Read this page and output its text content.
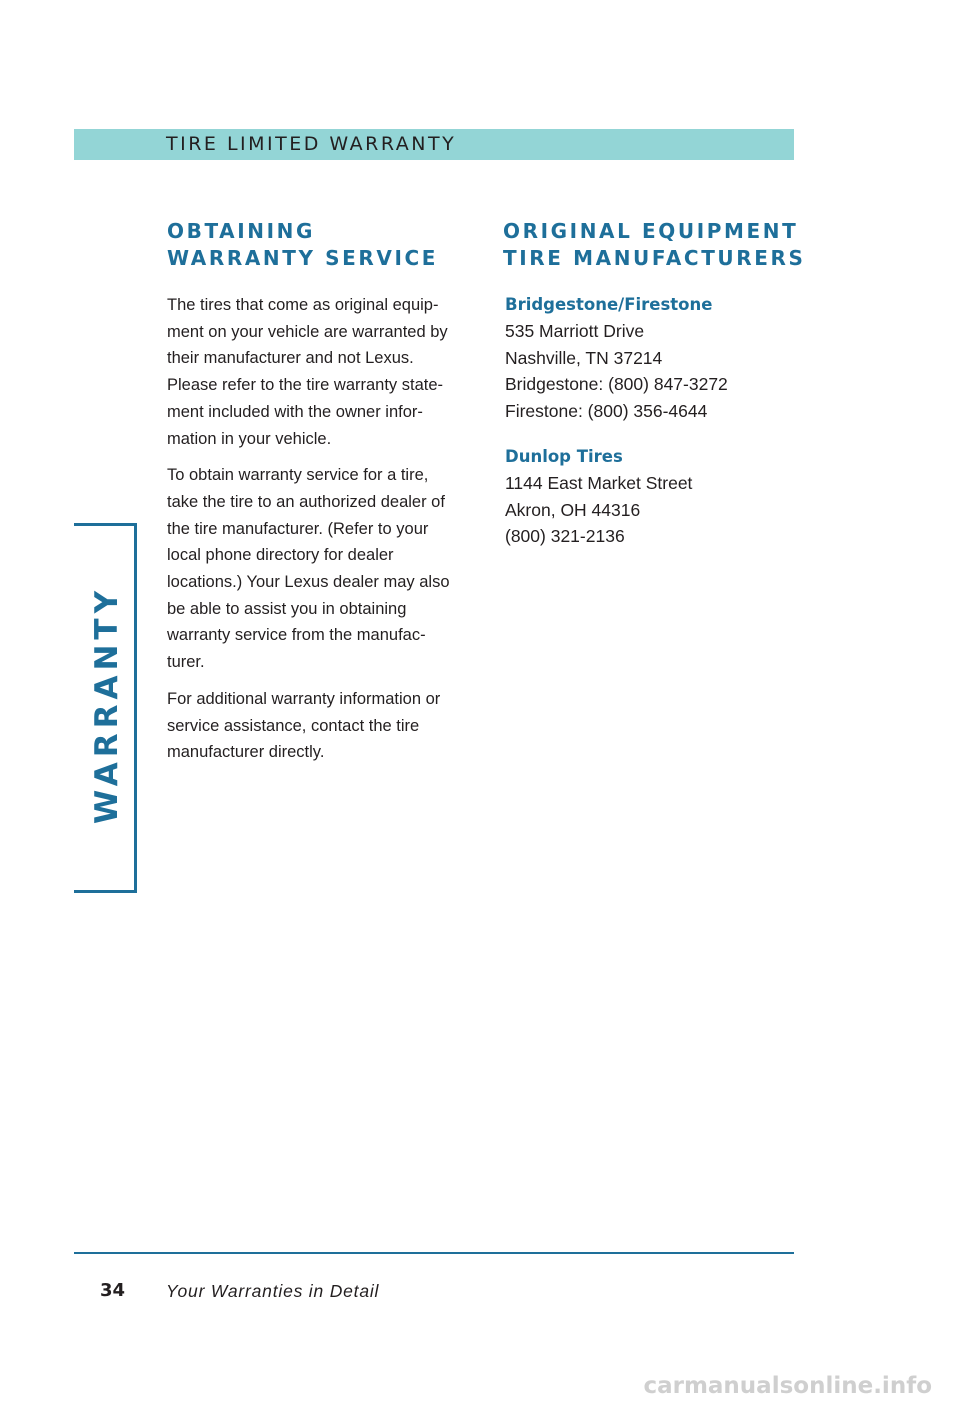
TIRE LIMITED WARRANTY
OBTAINING
WARRANTY SERVICE
ORIGINAL EQUIPMENT
TIRE MANUFACTURERS

The tires that come as original equip-ment on your vehicle are warranted by their manufacturer and not Lexus. Please refer to the tire warranty state-ment included with the owner infor-mation in your vehicle.

To obtain warranty service for a tire, take the tire to an authorized dealer of the tire manufacturer. (Refer to your local phone directory for dealer locations.) Your Lexus dealer may also be able to assist you in obtaining warranty service from the manufac-turer.

For additional warranty information or service assistance, contact the tire manufacturer directly.

Bridgestone/Firestone
535 Marriott Drive
Nashville, TN 37214
Bridgestone: (800) 847-3272
Firestone: (800) 356-4644
Dunlop Tires
1144 East Market Street
Akron, OH 44316
(800) 321-2136
WARRANTY
34 Your Warranties in Detail
carmanualsonline.info
